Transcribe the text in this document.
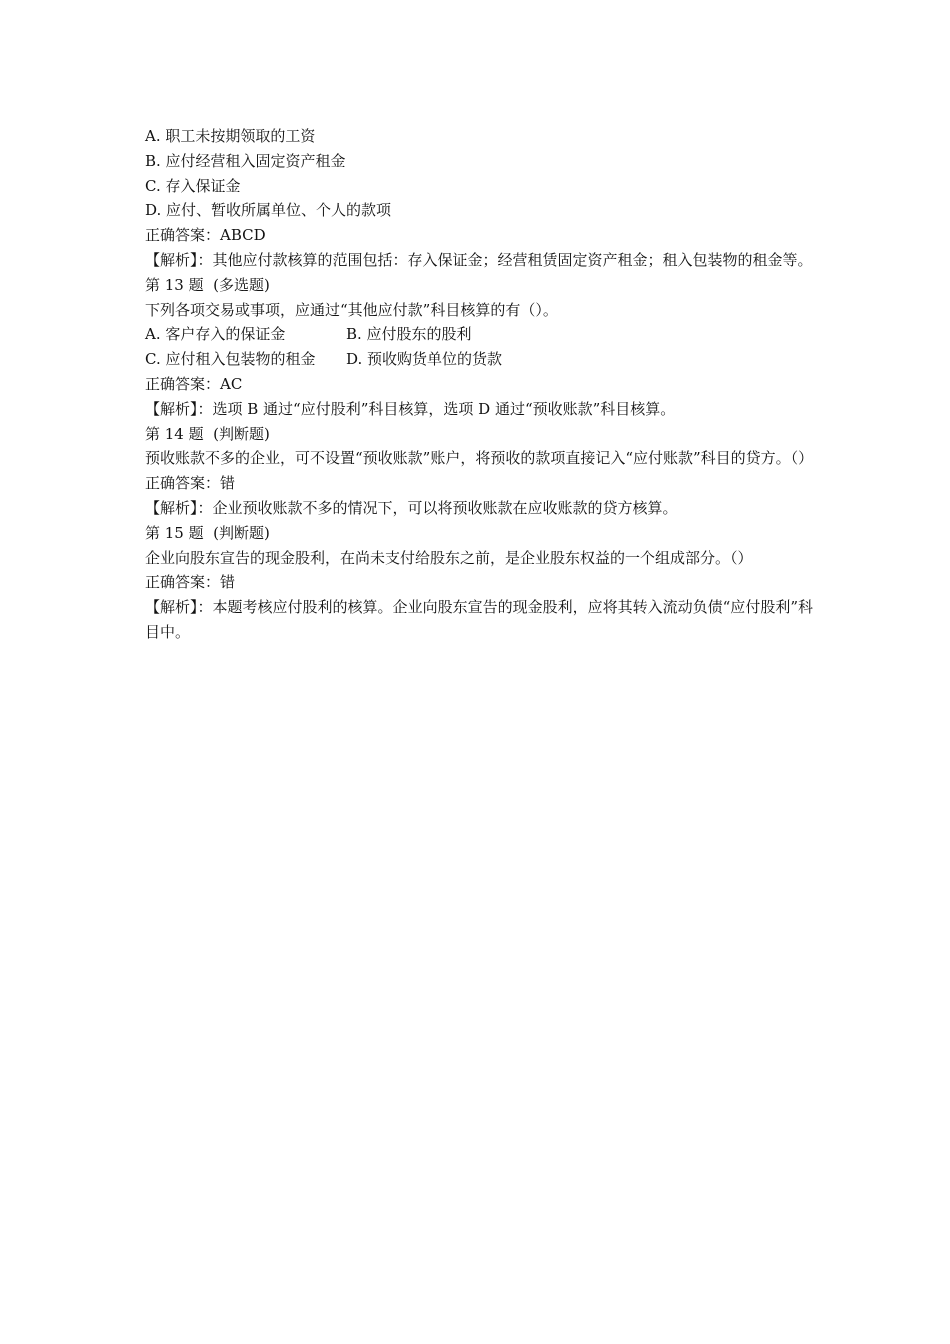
A. 职工未按期领取的工资
B. 应付经营租入固定资产租金
C. 存入保证金
D. 应付、暂收所属单位、个人的款项
正确答案：ABCD
【解析】：其他应付款核算的范围包括：存入保证金；经营租赁固定资产租金；租入包装物的租金等。
第 13 题  (多选题)
下列各项交易或事项，应通过“其他应付款”科目核算的有（）。
A. 客户存入的保证金	B. 应付股东的股利
C. 应付租入包装物的租金	D. 预收购货单位的货款
正确答案：AC
【解析】：选项 B 通过“应付股利”科目核算，选项 D 通过“预收账款”科目核算。
第 14 题  (判断题)
预收账款不多的企业，可不设置“预收账款”账户，将预收的款项直接记入“应付账款”科目的贷方。（）
正确答案：错
【解析】：企业预收账款不多的情况下，可以将预收账款在应收账款的贷方核算。
第 15 题  (判断题)
企业向股东宣告的现金股利，在尚未支付给股东之前，是企业股东权益的一个组成部分。（）
正确答案：错
【解析】：本题考核应付股利的核算。企业向股东宣告的现金股利，应将其转入流动负债“应付股利”科目中。
